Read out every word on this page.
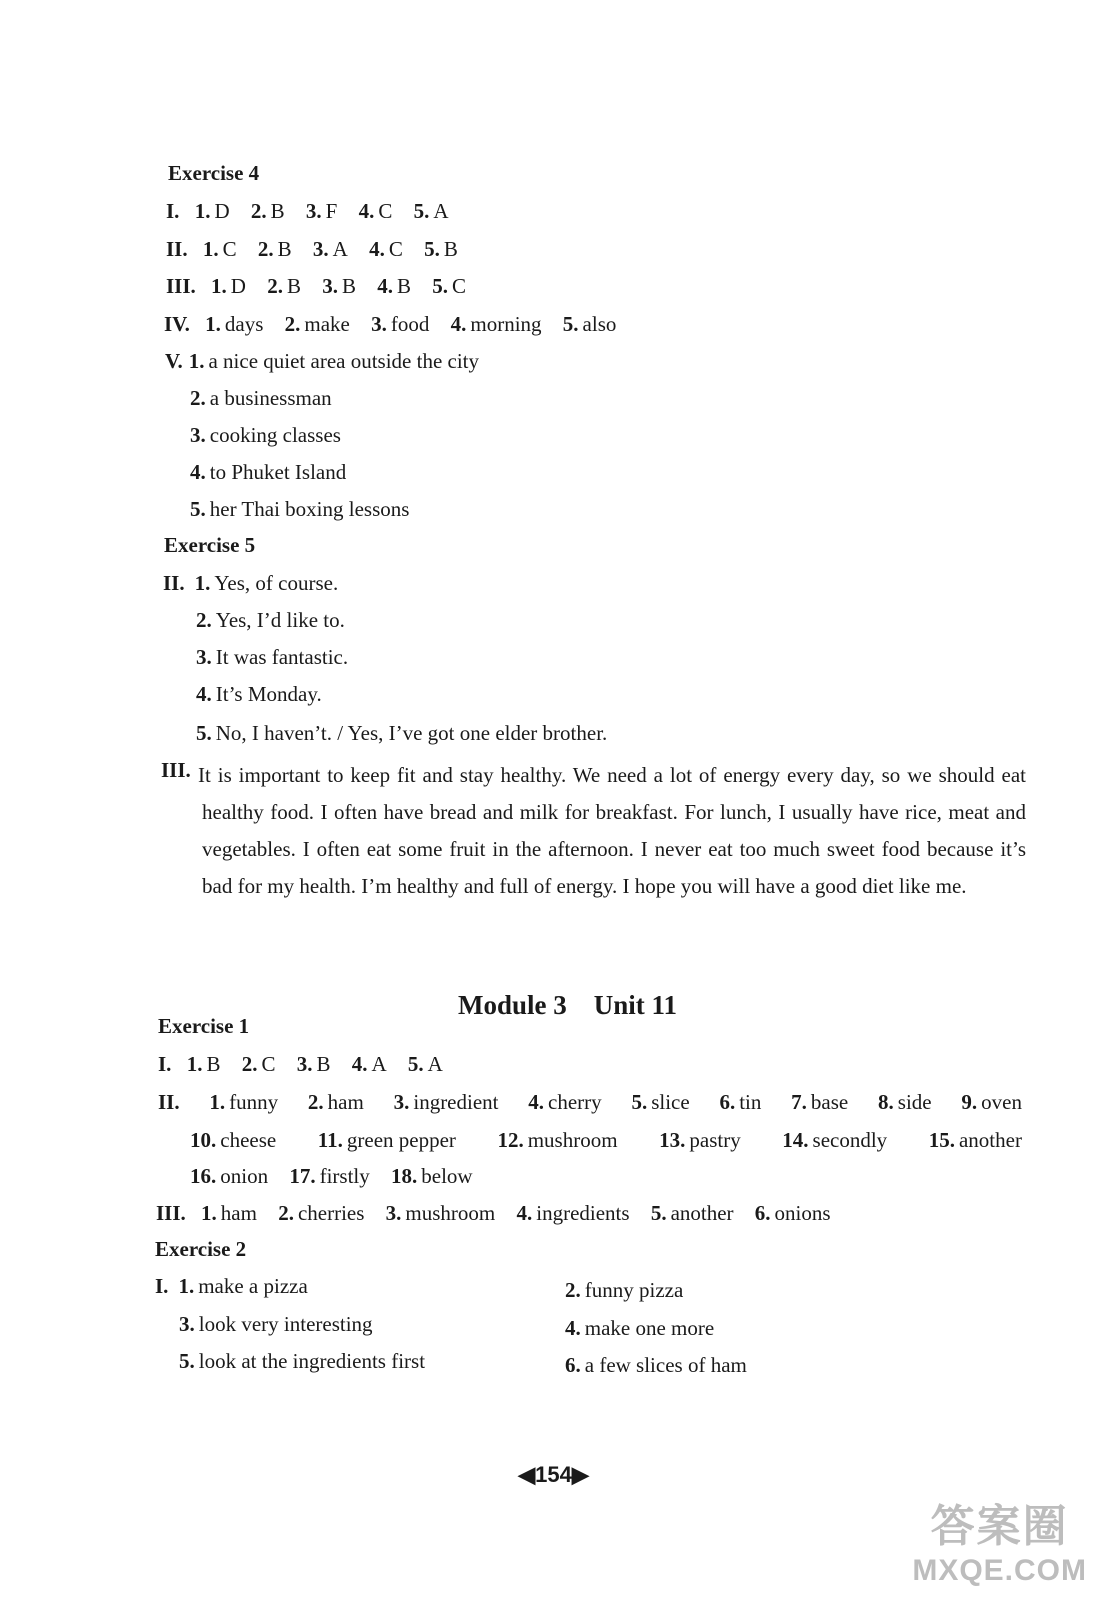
Exercise 4
I. 1. D 2. B 3. F 4. C 5. A
II. 1. C 2. B 3. A 4. C 5. B
III. 1. D 2. B 3. B 4. B 5. C
IV. 1. days 2. make 3. food 4. morning 5. also
V. 1. a nice quiet area outside the city
2. a businessman
3. cooking classes
4. to Phuket Island
5. her Thai boxing lessons
Exercise 5
II. 1. Yes, of course.
2. Yes, I’d like to.
3. It was fantastic.
4. It’s Monday.
5. No, I haven’t. / Yes, I’ve got one elder brother.
III. It is important to keep fit and stay healthy. We need a lot of energy every day, so we should eat healthy food. I often have bread and milk for breakfast. For lunch, I usually have rice, meat and vegetables. I often eat some fruit in the afternoon. I never eat too much sweet food because it’s bad for my health. I’m healthy and full of energy. I hope you will have a good diet like me.
Module 3    Unit 11
Exercise 1
I. 1. B 2. C 3. B 4. A 5. A
II. 1. funny 2. ham 3. ingredient 4. cherry 5. slice 6. tin 7. base 8. side 9. oven
10. cheese 11. green pepper 12. mushroom 13. pastry 14. secondly 15. another
16. onion 17. firstly 18. below
III. 1. ham 2. cherries 3. mushroom 4. ingredients 5. another 6. onions
Exercise 2
I. 1. make a pizza	2. funny pizza
3. look very interesting	4. make one more
5. look at the ingredients first	6. a few slices of ham
◀154▶
答案圈
MXQE.COM
